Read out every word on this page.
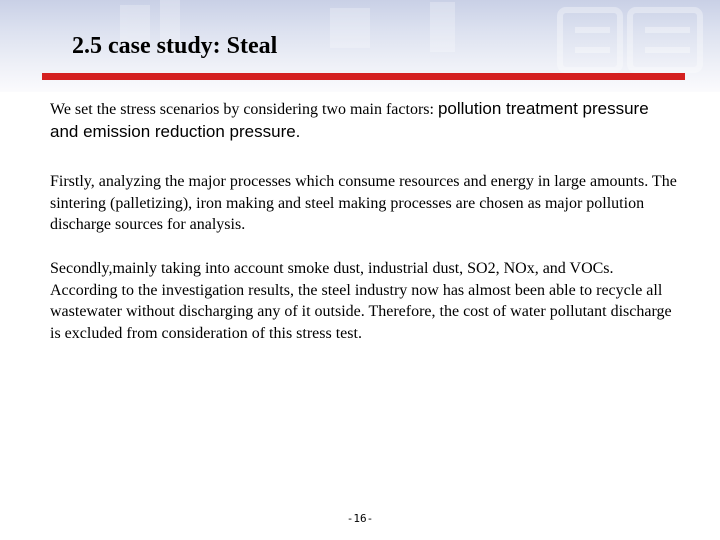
2.5 case study: Steal

We set the stress scenarios by considering two main factors: pollution treatment pressure and emission reduction pressure.

Firstly, analyzing the major processes which consume resources and energy in large amounts. The sintering (palletizing), iron making and steel making processes are chosen as major pollution discharge sources for analysis.

Secondly,mainly taking into account smoke dust, industrial dust, SO2, NOx, and VOCs. According to the investigation results, the steel industry now has almost been able to recycle all wastewater without discharging any of it outside. Therefore, the cost of water pollutant discharge is excluded from consideration of this stress test.

-16-
